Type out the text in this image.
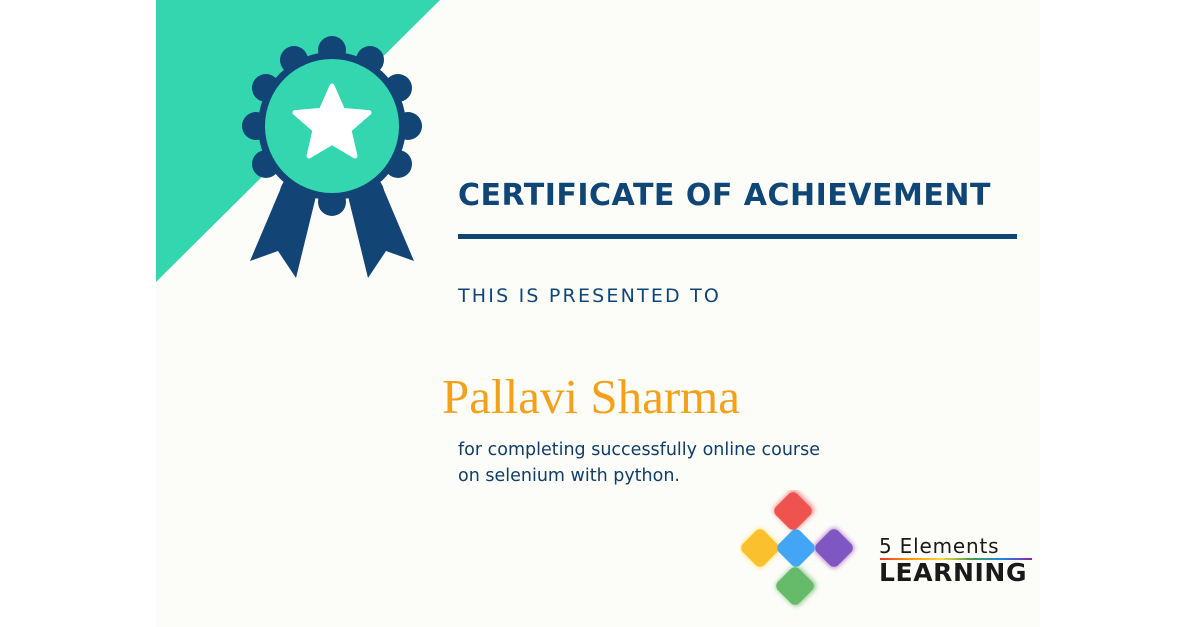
CERTIFICATE OF ACHIEVEMENT
THIS IS PRESENTED TO
Pallavi Sharma
for completing successfully online course
on selenium with python.
5 Elements
LEARNING
